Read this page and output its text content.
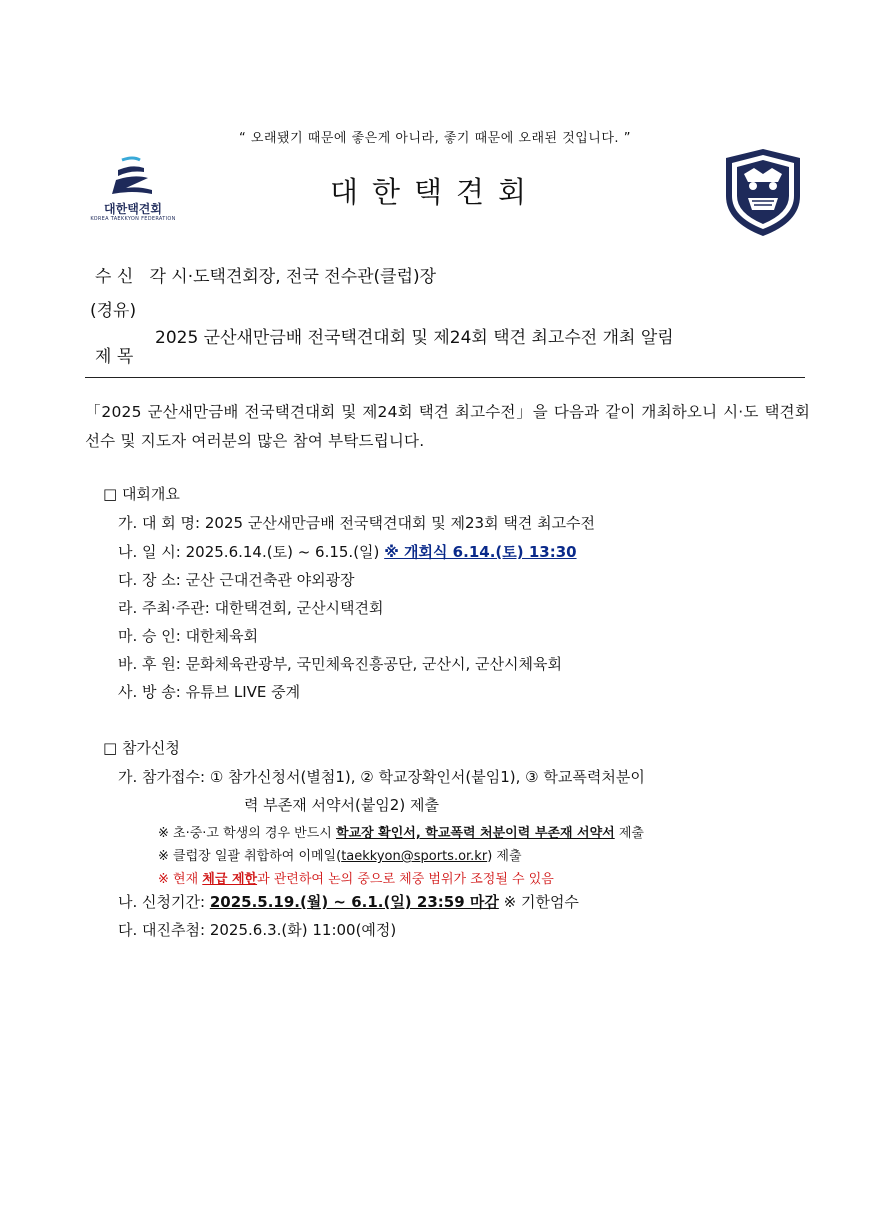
“ 오래됐기 때문에 좋은게 아니라, 좋기 때문에 오래된 것입니다. ”
대한택견회
KOREA TAEKKYON FEDERATION
대한택견회
수 신 각 시·도택견회장, 전국 전수관(클럽)장
(경유)
제 목
2025 군산새만금배 전국택견대회 및 제24회 택견 최고수전 개최 알림
「2025 군산새만금배 전국택견대회 및 제24회 택견 최고수전」을 다음과 같이 개최하오니 시·도 택견회 선수 및 지도자 여러분의 많은 참여 부탁드립니다.
□ 대회개요
가. 대 회 명: 2025 군산새만금배 전국택견대회 및 제23회 택견 최고수전
나. 일 시: 2025.6.14.(토) ~ 6.15.(일) ※ 개회식 6.14.(토) 13:30
다. 장 소: 군산 근대건축관 야외광장
라. 주최·주관: 대한택견회, 군산시택견회
마. 승 인: 대한체육회
바. 후 원: 문화체육관광부, 국민체육진흥공단, 군산시, 군산시체육회
사. 방 송: 유튜브 LIVE 중계
□ 참가신청
가. 참가접수: ① 참가신청서(별첨1), ② 학교장확인서(붙임1), ③ 학교폭력처분이
력 부존재 서약서(붙임2) 제출
※ 초·중·고 학생의 경우 반드시 학교장 확인서, 학교폭력 처분이력 부존재 서약서 제출
※ 클럽장 일괄 취합하여 이메일(taekkyon@sports.or.kr) 제출
※ 현재 체급 제한과 관련하여 논의 중으로 체중 범위가 조정될 수 있음
나. 신청기간: 2025.5.19.(월) ~ 6.1.(일) 23:59 마감 ※ 기한엄수
다. 대진추첨: 2025.6.3.(화) 11:00(예정)
